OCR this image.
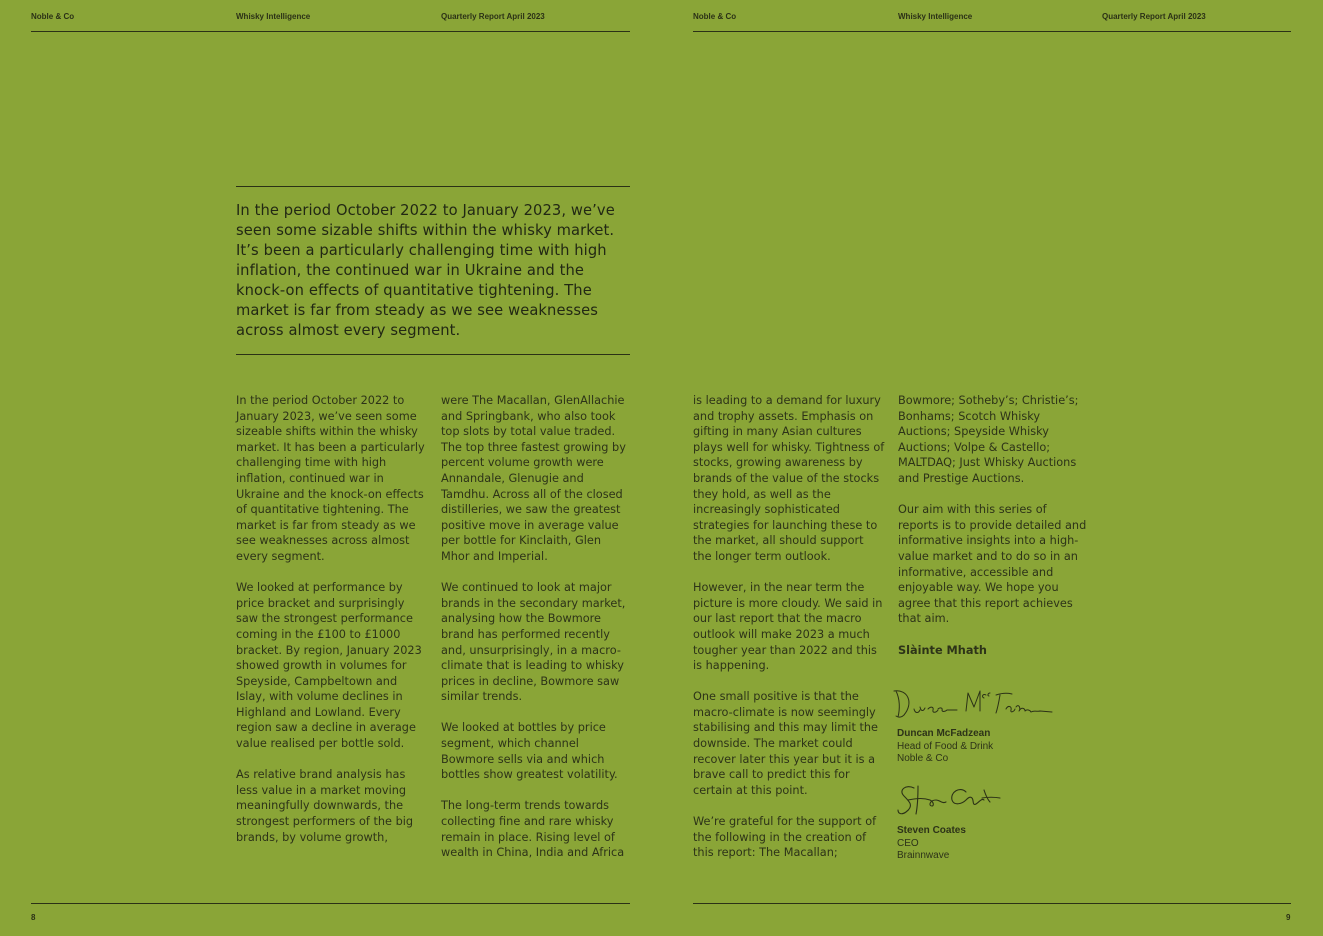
Noble & Co	Whisky Intelligence	Quarterly Report April 2023	Noble & Co	Whisky Intelligence	Quarterly Report April 2023

In the period October 2022 to January 2023, we’ve seen some sizable shifts within the whisky market. It’s been a particularly challenging time with high inflation, the continued war in Ukraine and the knock-on effects of quantitative tightening. The market is far from steady as we see weaknesses across almost every segment.

In the period October 2022 to January 2023, we’ve seen some sizeable shifts within the whisky market. It has been a particularly challenging time with high inflation, continued war in Ukraine and the knock-on effects of quantitative tightening. The market is far from steady as we see weaknesses across almost every segment.

We looked at performance by price bracket and surprisingly saw the strongest performance coming in the £100 to £1000 bracket. By region, January 2023 showed growth in volumes for Speyside, Campbeltown and Islay, with volume declines in Highland and Lowland. Every region saw a decline in average value realised per bottle sold.

As relative brand analysis has less value in a market moving meaningfully downwards, the strongest performers of the big brands, by volume growth,

were The Macallan, GlenAllachie and Springbank, who also took top slots by total value traded. The top three fastest growing by percent volume growth were Annandale, Glenugie and Tamdhu. Across all of the closed distilleries, we saw the greatest positive move in average value per bottle for Kinclaith, Glen Mhor and Imperial.

We continued to look at major brands in the secondary market, analysing how the Bowmore brand has performed recently and, unsurprisingly, in a macro-climate that is leading to whisky prices in decline, Bowmore saw similar trends.

We looked at bottles by price segment, which channel Bowmore sells via and which bottles show greatest volatility.

The long-term trends towards collecting fine and rare whisky remain in place. Rising level of wealth in China, India and Africa

is leading to a demand for luxury and trophy assets. Emphasis on gifting in many Asian cultures plays well for whisky. Tightness of stocks, growing awareness by brands of the value of the stocks they hold, as well as the increasingly sophisticated strategies for launching these to the market, all should support the longer term outlook.

However, in the near term the picture is more cloudy. We said in our last report that the macro outlook will make 2023 a much tougher year than 2022 and this is happening.

One small positive is that the macro-climate is now seemingly stabilising and this may limit the downside. The market could recover later this year but it is a brave call to predict this for certain at this point.

We’re grateful for the support of the following in the creation of this report: The Macallan;

Bowmore; Sotheby’s; Christie’s; Bonhams; Scotch Whisky Auctions; Speyside Whisky Auctions; Volpe & Castello; MALTDAQ; Just Whisky Auctions and Prestige Auctions.

Our aim with this series of reports is to provide detailed and informative insights into a high-value market and to do so in an informative, accessible and enjoyable way. We hope you agree that this report achieves that aim.

Slàinte Mhath

Duncan McFadzean
Head of Food & Drink
Noble & Co
Steven Coates
CEO
Brainnwave
8	9
